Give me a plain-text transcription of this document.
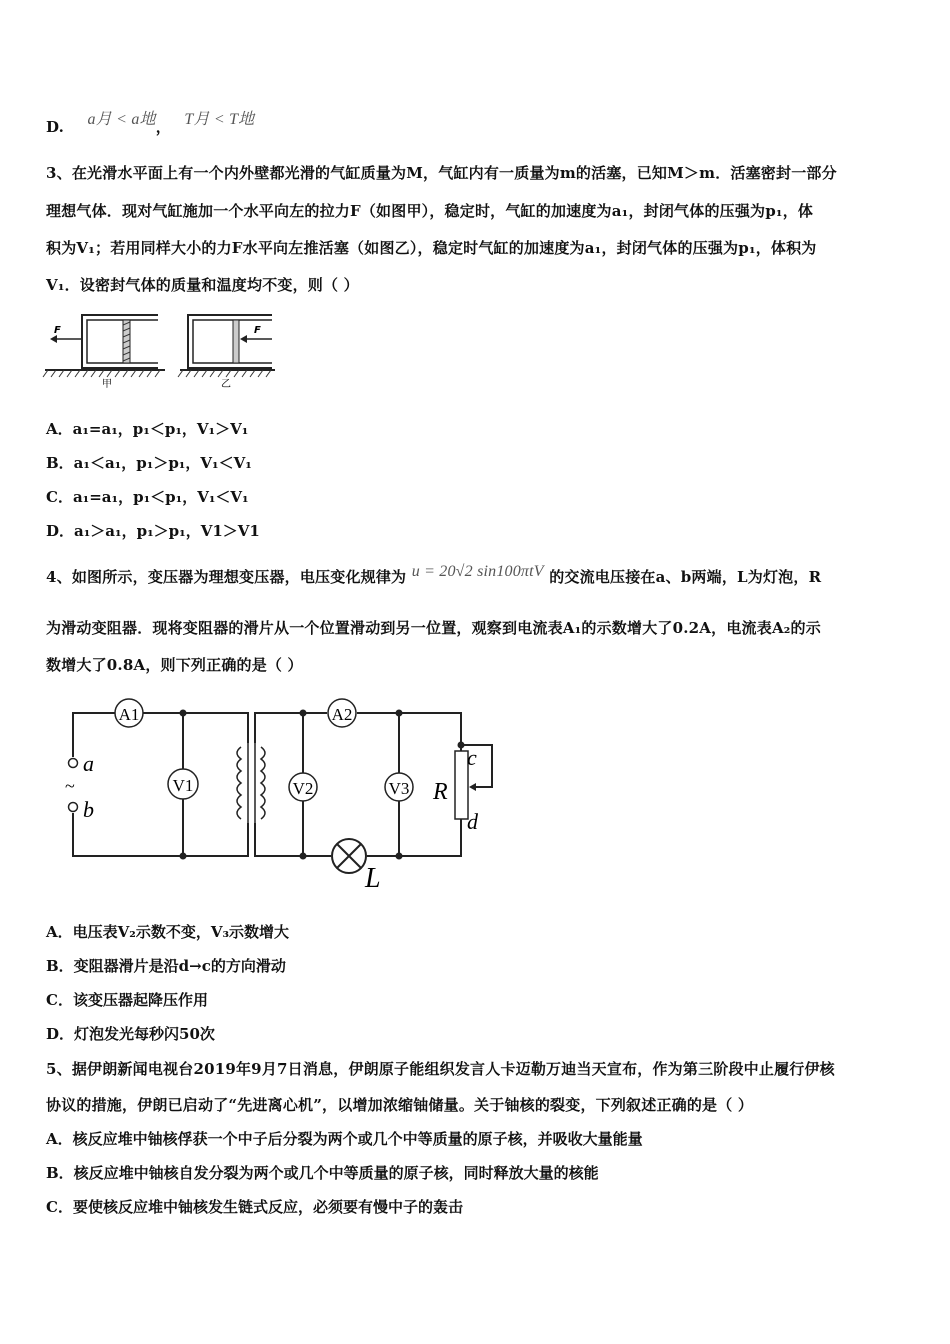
D. a月 < a地， T月 < T地
3、在光滑水平面上有一个内外壁都光滑的气缸质量为M，气缸内有一质量为m的活塞，已知M＞m．活塞密封一部分
理想气体．现对气缸施加一个水平向左的拉力F（如图甲），稳定时，气缸的加速度为a₁，封闭气体的压强为p₁，体
积为V₁；若用同样大小的力F水平向左推活塞（如图乙），稳定时气缸的加速度为a₁，封闭气体的压强为p₁，体积为
V₁．设密封气体的质量和温度均不变，则（ ）
F
甲
F
乙
A．a₁=a₁，p₁＜p₁，V₁＞V₁
B．a₁＜a₁，p₁＞p₁，V₁＜V₁
C．a₁=a₁，p₁＜p₁，V₁＜V₁
D．a₁＞a₁，p₁＞p₁，V1＞V1
4、如图所示，变压器为理想变压器，电压变化规律为 u = 20√2 sin100πtV 的交流电压接在a、b两端，L为灯泡，R
为滑动变阻器．现将变阻器的滑片从一个位置滑动到另一位置，观察到电流表A₁的示数增大了0.2A，电流表A₂的示
数增大了0.8A，则下列正确的是（ ）
a
b
~
A1	A2
V1	V2	V3 R
c
d
L
A．电压表V₂示数不变，V₃示数增大
B．变阻器滑片是沿d→c的方向滑动
C．该变压器起降压作用
D．灯泡发光每秒闪50次
5、据伊朗新闻电视台2019年9月7日消息，伊朗原子能组织发言人卡迈勒万迪当天宣布，作为第三阶段中止履行伊核
协议的措施，伊朗已启动了“先进离心机”，以增加浓缩铀储量。关于铀核的裂变，下列叙述正确的是（ ）
A．核反应堆中铀核俘获一个中子后分裂为两个或几个中等质量的原子核，并吸收大量能量
B．核反应堆中铀核自发分裂为两个或几个中等质量的原子核，同时释放大量的核能
C．要使核反应堆中铀核发生链式反应，必须要有慢中子的轰击
